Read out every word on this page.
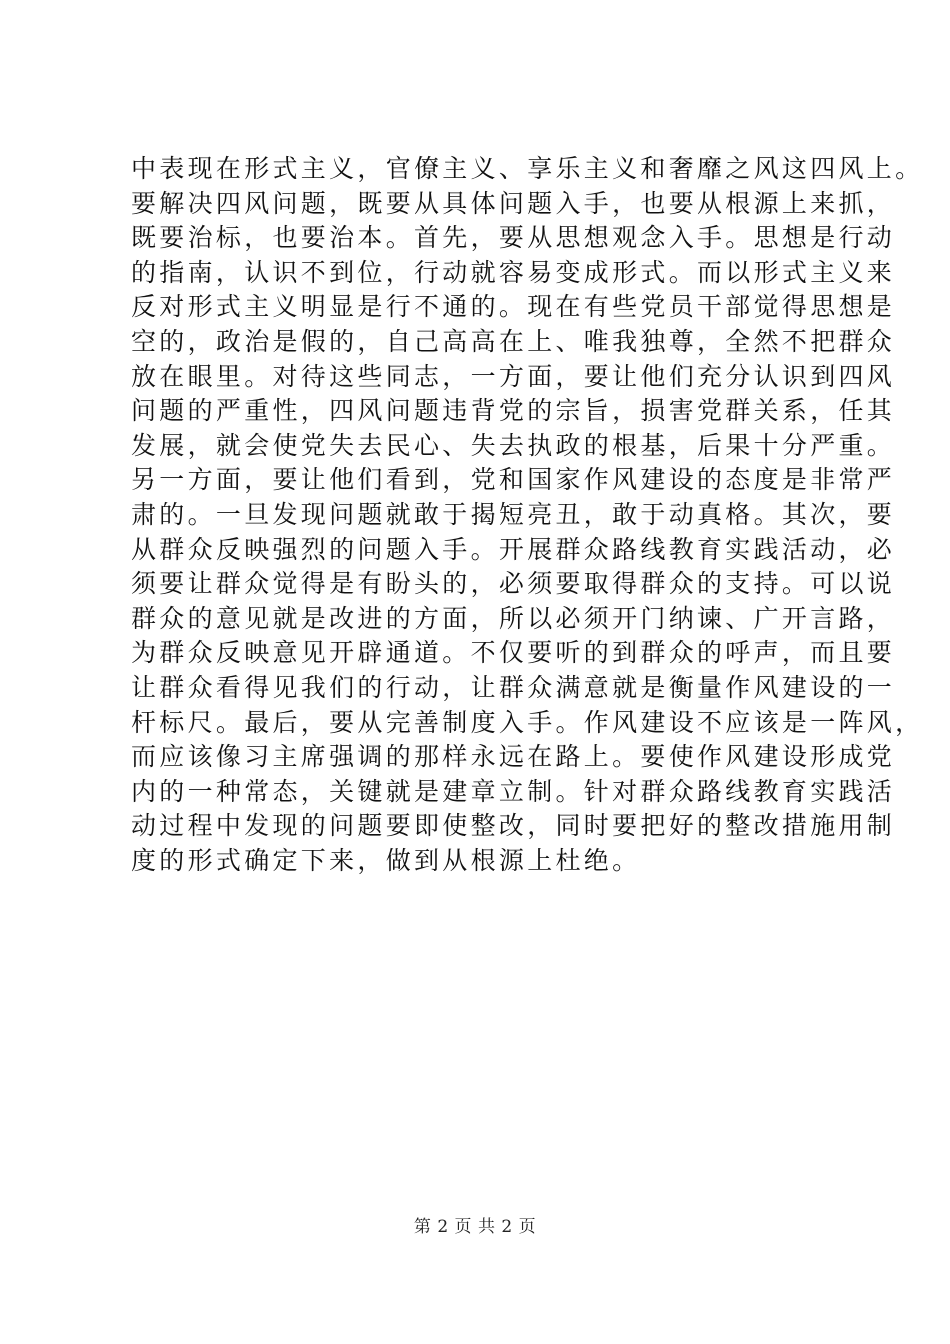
中表现在形式主义，官僚主义、享乐主义和奢靡之风这四风上。
要解决四风问题，既要从具体问题入手，也要从根源上来抓，
既要治标，也要治本。首先，要从思想观念入手。思想是行动
的指南，认识不到位，行动就容易变成形式。而以形式主义来
反对形式主义明显是行不通的。现在有些党员干部觉得思想是
空的，政治是假的，自己高高在上、唯我独尊，全然不把群众
放在眼里。对待这些同志，一方面，要让他们充分认识到四风
问题的严重性，四风问题违背党的宗旨，损害党群关系，任其
发展，就会使党失去民心、失去执政的根基，后果十分严重。
另一方面，要让他们看到，党和国家作风建设的态度是非常严
肃的。一旦发现问题就敢于揭短亮丑，敢于动真格。其次，要
从群众反映强烈的问题入手。开展群众路线教育实践活动，必
须要让群众觉得是有盼头的，必须要取得群众的支持。可以说
群众的意见就是改进的方面，所以必须开门纳谏、广开言路，
为群众反映意见开辟通道。不仅要听的到群众的呼声，而且要
让群众看得见我们的行动，让群众满意就是衡量作风建设的一
杆标尺。最后，要从完善制度入手。作风建设不应该是一阵风，
而应该像习主席强调的那样永远在路上。要使作风建设形成党
内的一种常态，关键就是建章立制。针对群众路线教育实践活
动过程中发现的问题要即使整改，同时要把好的整改措施用制
度的形式确定下来，做到从根源上杜绝。
第 2 页 共 2 页
